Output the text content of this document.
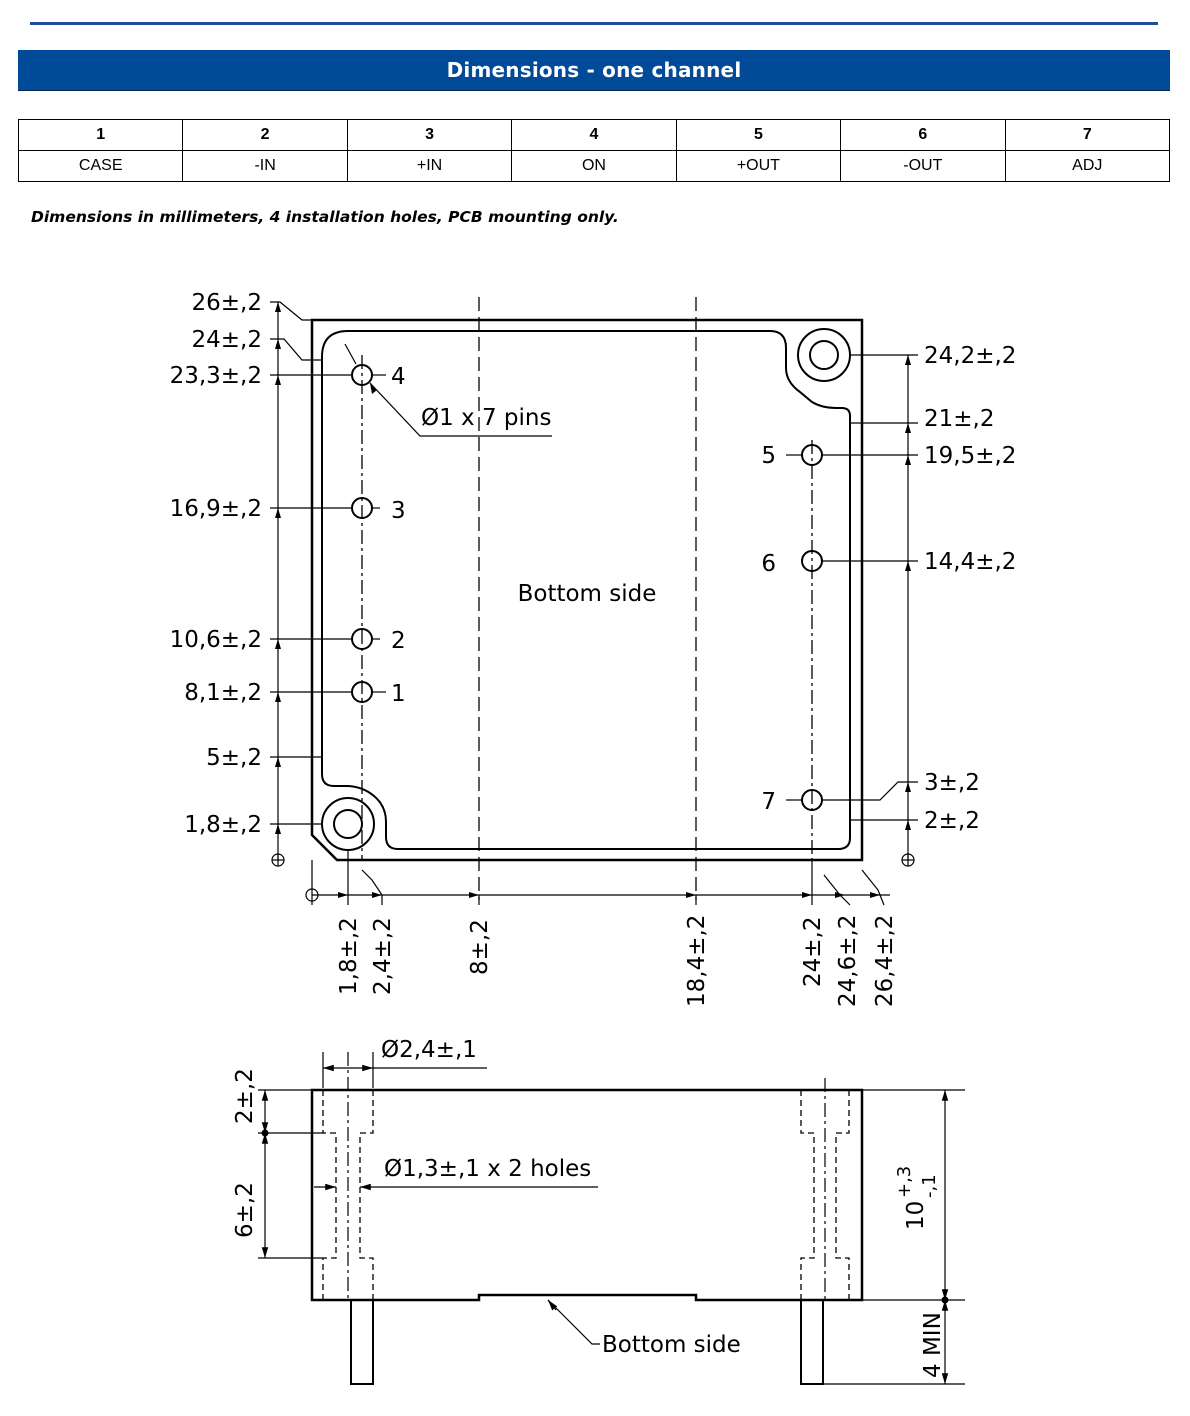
Dimensions - one channel
1	2	3	4	5	6	7
CASE	-IN	+IN	ON	+OUT	-OUT	ADJ
Dimensions in millimeters, 4 installation holes, PCB mounting only.
26±,2
24±,2
23,3±,2
16,9±,2
10,6±,2
8,1±,2
5±,2
1,8±,2
24,2±,2
21±,2
19,5±,2
14,4±,2
3±,2
2±,2
1
2
3
4
5
6
7
Ø1 x 7 pins
Bottom side
1,8±,2 2,4±,2	8±,2	18,4±,2	24±,2 24,6±,2 26,4±,2
Ø2,4±,1
Ø1,3±,1 x 2 holes
2±,2
6±,2	10
+,3 -,1
4 MIN
Bottom side
